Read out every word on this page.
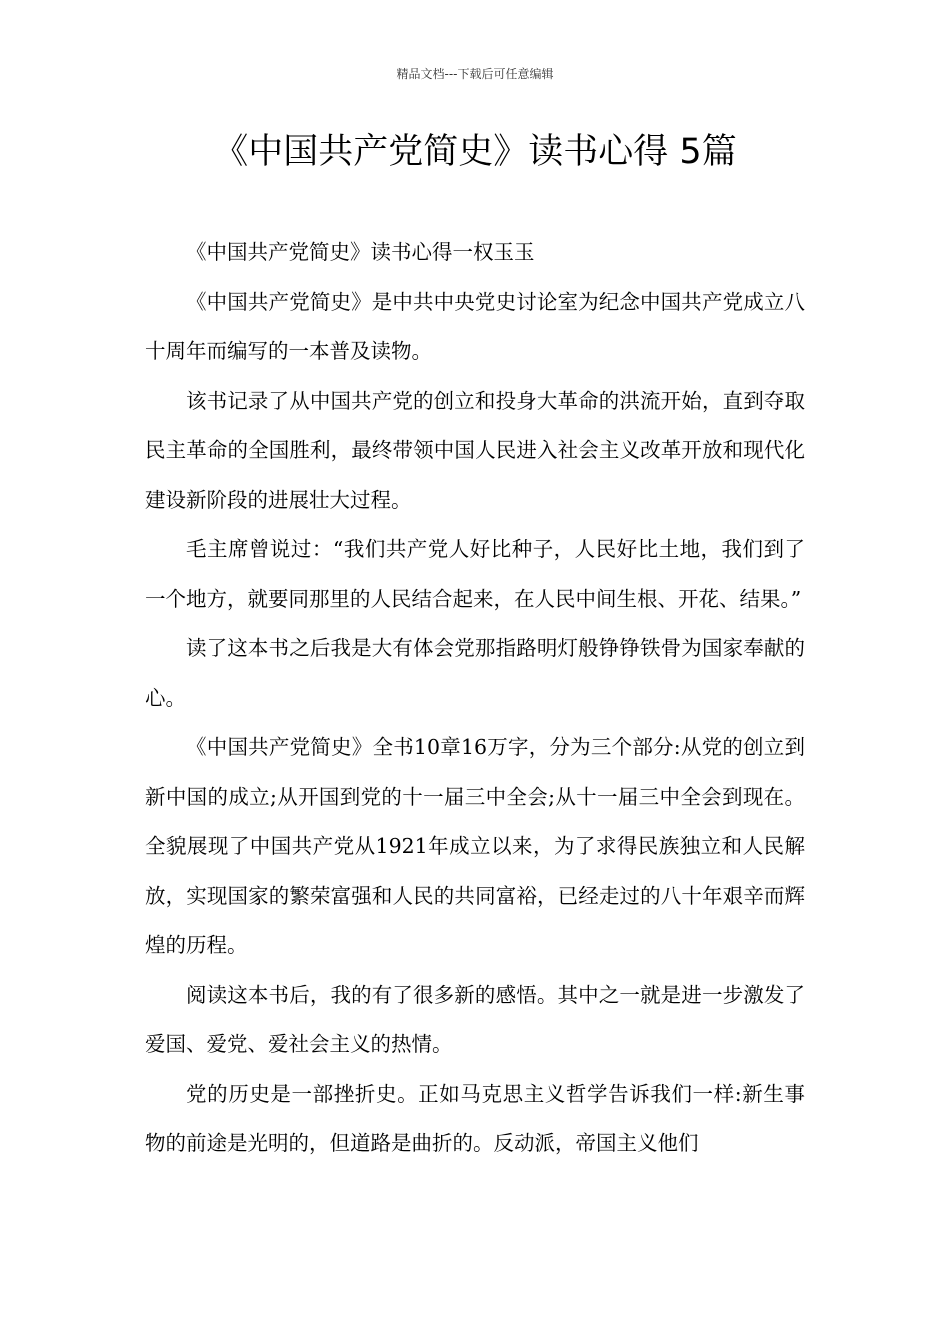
精品文档---下载后可任意编辑
《中国共产党简史》读书心得 5篇

《中国共产党简史》读书心得一权玉玉

《中国共产党简史》是中共中央党史讨论室为纪念中国共产党成立八十周年而编写的一本普及读物。

该书记录了从中国共产党的创立和投身大革命的洪流开始，直到夺取民主革命的全国胜利，最终带领中国人民进入社会主义改革开放和现代化建设新阶段的进展壮大过程。

毛主席曾说过：“我们共产党人好比种子，人民好比土地，我们到了一个地方，就要同那里的人民结合起来，在人民中间生根、开花、结果。”

读了这本书之后我是大有体会党那指路明灯般铮铮铁骨为国家奉献的心。

《中国共产党简史》全书10章16万字，分为三个部分:从党的创立到新中国的成立;从开国到党的十一届三中全会;从十一届三中全会到现在。全貌展现了中国共产党从1921年成立以来，为了求得民族独立和人民解放，实现国家的繁荣富强和人民的共同富裕，已经走过的八十年艰辛而辉煌的历程。

阅读这本书后，我的有了很多新的感悟。其中之一就是进一步激发了爱国、爱党、爱社会主义的热情。

党的历史是一部挫折史。正如马克思主义哲学告诉我们一样:新生事物的前途是光明的，但道路是曲折的。反动派，帝国主义他们
